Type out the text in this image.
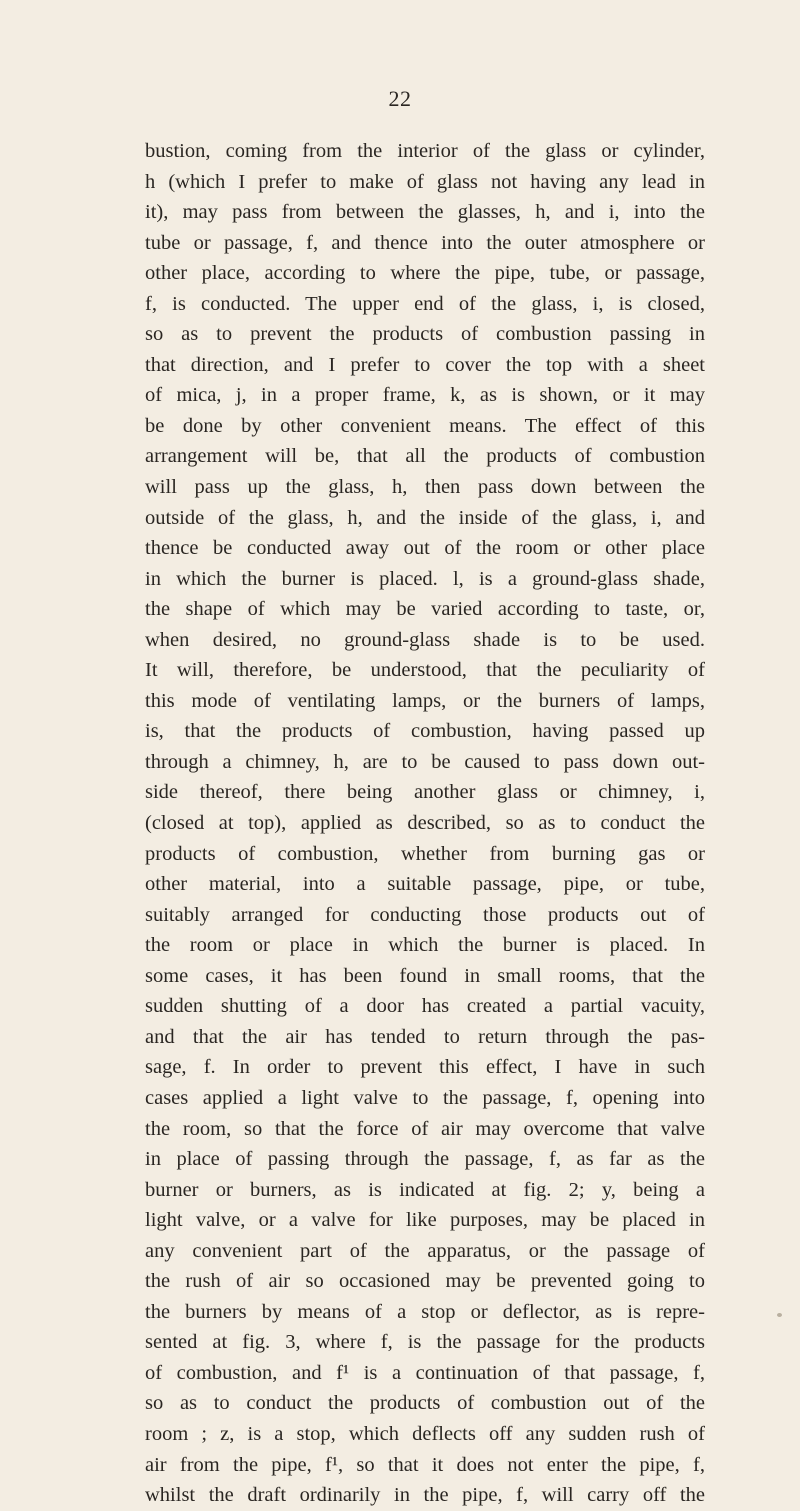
22
bustion, coming from the interior of the glass or cylinder,
h (which I prefer to make of glass not having any lead in
it), may pass from between the glasses, h, and i, into the
tube or passage, f, and thence into the outer atmosphere or
other place, according to where the pipe, tube, or passage,
f, is conducted. The upper end of the glass, i, is closed,
so as to prevent the products of combustion passing in
that direction, and I prefer to cover the top with a sheet
of mica, j, in a proper frame, k, as is shown, or it may
be done by other convenient means. The effect of this
arrangement will be, that all the products of combustion
will pass up the glass, h, then pass down between the
outside of the glass, h, and the inside of the glass, i, and
thence be conducted away out of the room or other place
in which the burner is placed. l, is a ground-glass shade,
the shape of which may be varied according to taste, or,
when desired, no ground-glass shade is to be used.
It will, therefore, be understood, that the peculiarity of
this mode of ventilating lamps, or the burners of lamps,
is, that the products of combustion, having passed up
through a chimney, h, are to be caused to pass down out-
side thereof, there being another glass or chimney, i,
(closed at top), applied as described, so as to conduct the
products of combustion, whether from burning gas or
other material, into a suitable passage, pipe, or tube,
suitably arranged for conducting those products out of
the room or place in which the burner is placed. In
some cases, it has been found in small rooms, that the
sudden shutting of a door has created a partial vacuity,
and that the air has tended to return through the pas-
sage, f. In order to prevent this effect, I have in such
cases applied a light valve to the passage, f, opening into
the room, so that the force of air may overcome that valve
in place of passing through the passage, f, as far as the
burner or burners, as is indicated at fig. 2; y, being a
light valve, or a valve for like purposes, may be placed in
any convenient part of the apparatus, or the passage of
the rush of air so occasioned may be prevented going to
the burners by means of a stop or deflector, as is repre-
sented at fig. 3, where f, is the passage for the products
of combustion, and f¹ is a continuation of that passage, f,
so as to conduct the products of combustion out of the
room ; z, is a stop, which deflects off any sudden rush of
air from the pipe, f¹, so that it does not enter the pipe, f,
whilst the draft ordinarily in the pipe, f, will carry off the
